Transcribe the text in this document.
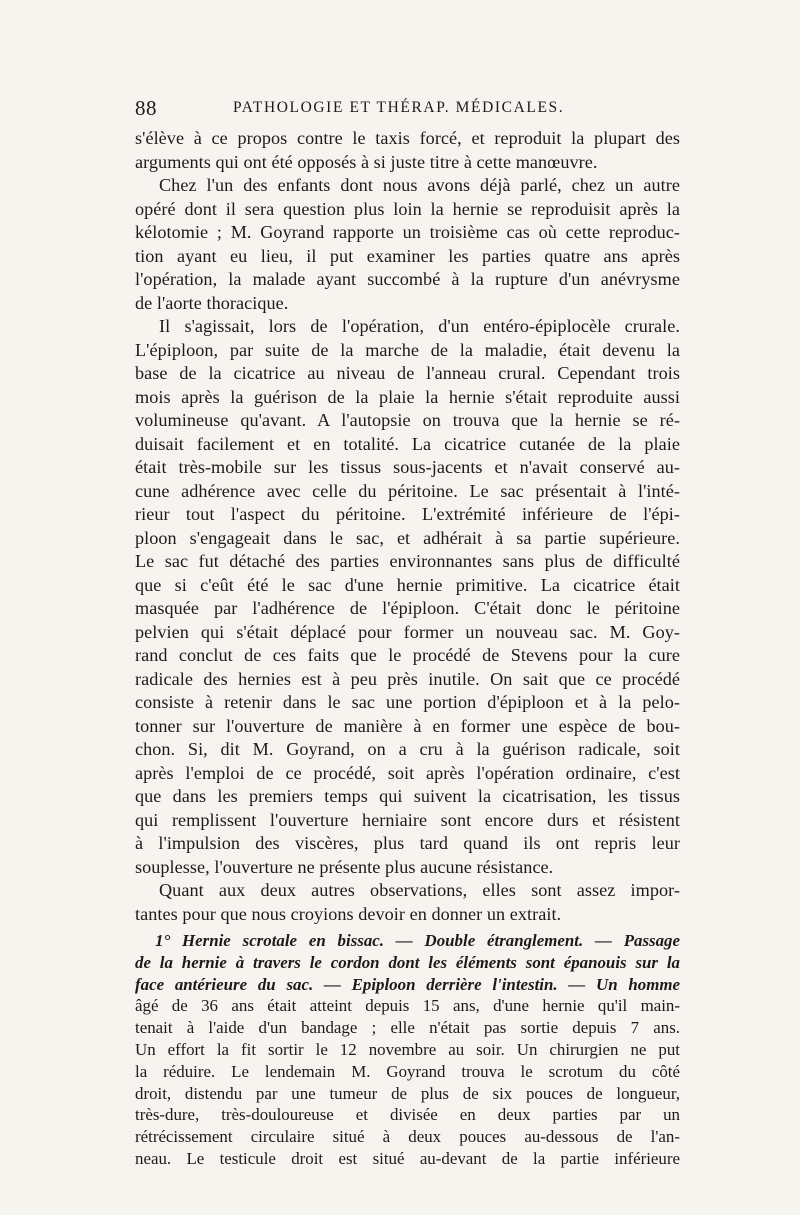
88	PATHOLOGIE ET THÉRAP. MÉDICALES.
s'élève à ce propos contre le taxis forcé, et reproduit la plupart des
arguments qui ont été opposés à si juste titre à cette manœuvre.
Chez l'un des enfants dont nous avons déjà parlé, chez un autre
opéré dont il sera question plus loin la hernie se reproduisit après la
kélotomie ; M. Goyrand rapporte un troisième cas où cette reproduc-
tion ayant eu lieu, il put examiner les parties quatre ans après
l'opération, la malade ayant succombé à la rupture d'un anévrysme
de l'aorte thoracique.
Il s'agissait, lors de l'opération, d'un entéro-épiplocèle crurale.
L'épiploon, par suite de la marche de la maladie, était devenu la
base de la cicatrice au niveau de l'anneau crural. Cependant trois
mois après la guérison de la plaie la hernie s'était reproduite aussi
volumineuse qu'avant. A l'autopsie on trouva que la hernie se ré-
duisait facilement et en totalité. La cicatrice cutanée de la plaie
était très-mobile sur les tissus sous-jacents et n'avait conservé au-
cune adhérence avec celle du péritoine. Le sac présentait à l'inté-
rieur tout l'aspect du péritoine. L'extrémité inférieure de l'épi-
ploon s'engageait dans le sac, et adhérait à sa partie supérieure.
Le sac fut détaché des parties environnantes sans plus de difficulté
que si c'eût été le sac d'une hernie primitive. La cicatrice était
masquée par l'adhérence de l'épiploon. C'était donc le péritoine
pelvien qui s'était déplacé pour former un nouveau sac. M. Goy-
rand conclut de ces faits que le procédé de Stevens pour la cure
radicale des hernies est à peu près inutile. On sait que ce procédé
consiste à retenir dans le sac une portion d'épiploon et à la pelo-
tonner sur l'ouverture de manière à en former une espèce de bou-
chon. Si, dit M. Goyrand, on a cru à la guérison radicale, soit
après l'emploi de ce procédé, soit après l'opération ordinaire, c'est
que dans les premiers temps qui suivent la cicatrisation, les tissus
qui remplissent l'ouverture herniaire sont encore durs et résistent
à l'impulsion des viscères, plus tard quand ils ont repris leur
souplesse, l'ouverture ne présente plus aucune résistance.
Quant aux deux autres observations, elles sont assez impor-
tantes pour que nous croyions devoir en donner un extrait.
1° Hernie scrotale en bissac. — Double étranglement. — Passage
de la hernie à travers le cordon dont les éléments sont épanouis sur la
face antérieure du sac. — Epiploon derrière l'intestin. — Un homme
âgé de 36 ans était atteint depuis 15 ans, d'une hernie qu'il main-
tenait à l'aide d'un bandage ; elle n'était pas sortie depuis 7 ans.
Un effort la fit sortir le 12 novembre au soir. Un chirurgien ne put
la réduire. Le lendemain M. Goyrand trouva le scrotum du côté
droit, distendu par une tumeur de plus de six pouces de longueur,
très-dure, très-douloureuse et divisée en deux parties par un
rétrécissement circulaire situé à deux pouces au-dessous de l'an-
neau. Le testicule droit est situé au-devant de la partie inférieure
